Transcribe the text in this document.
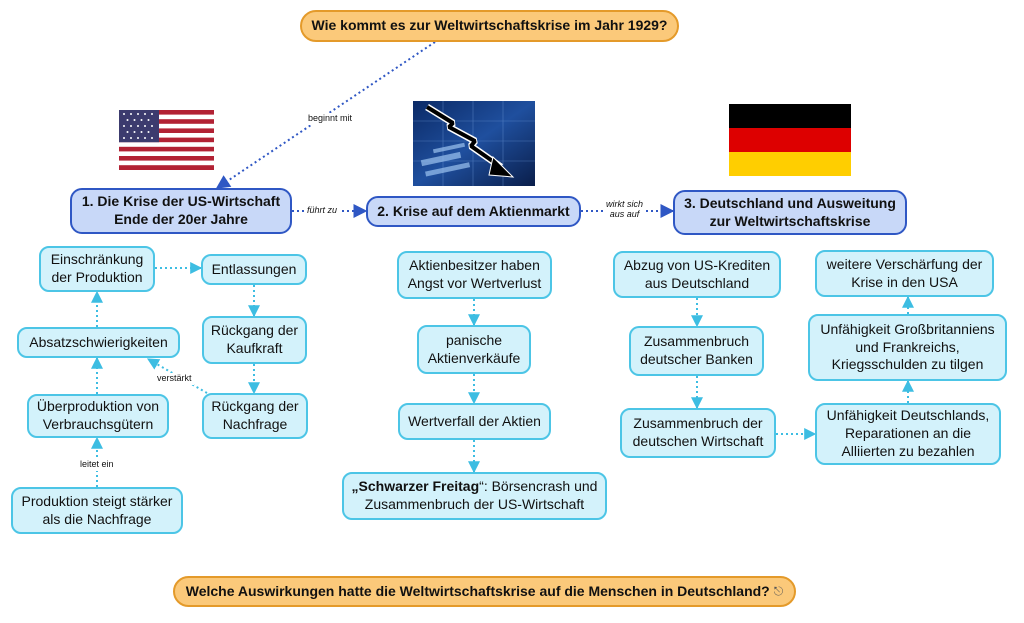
beginnt mit
führt zu
wirkt sich
aus auf
verstärkt
leitet ein
Wie kommt es zur Weltwirtschaftskrise im Jahr 1929?
Welche Auswirkungen hatte die Weltwirtschaftskrise auf die Menschen in Deutschland? ⎋
1. Die Krise der US-Wirtschaft
Ende der 20er Jahre
2. Krise auf dem Aktienmarkt	3. Deutschland und Ausweitung
zur Weltwirtschaftskrise
Einschränkung
der Produktion
Entlassungen
Absatzschwierigkeiten
Rückgang der
Kaufkraft
Rückgang der
Nachfrage
Überproduktion von
Verbrauchsgütern
Produktion steigt stärker
als die Nachfrage
Aktienbesitzer haben
Angst vor Wertverlust
panische
Aktienverkäufe
Wertverfall der Aktien
„Schwarzer Freitag“: Börsencrash und
Zusammenbruch der US-Wirtschaft
Abzug von US-Krediten
aus Deutschland
Zusammenbruch
deutscher Banken
Zusammenbruch der
deutschen Wirtschaft
weitere Verschärfung der
Krise in den USA
Unfähigkeit Großbritanniens
und Frankreichs,
Kriegsschulden zu tilgen
Unfähigkeit Deutschlands,
Reparationen an die
Alliierten zu bezahlen
